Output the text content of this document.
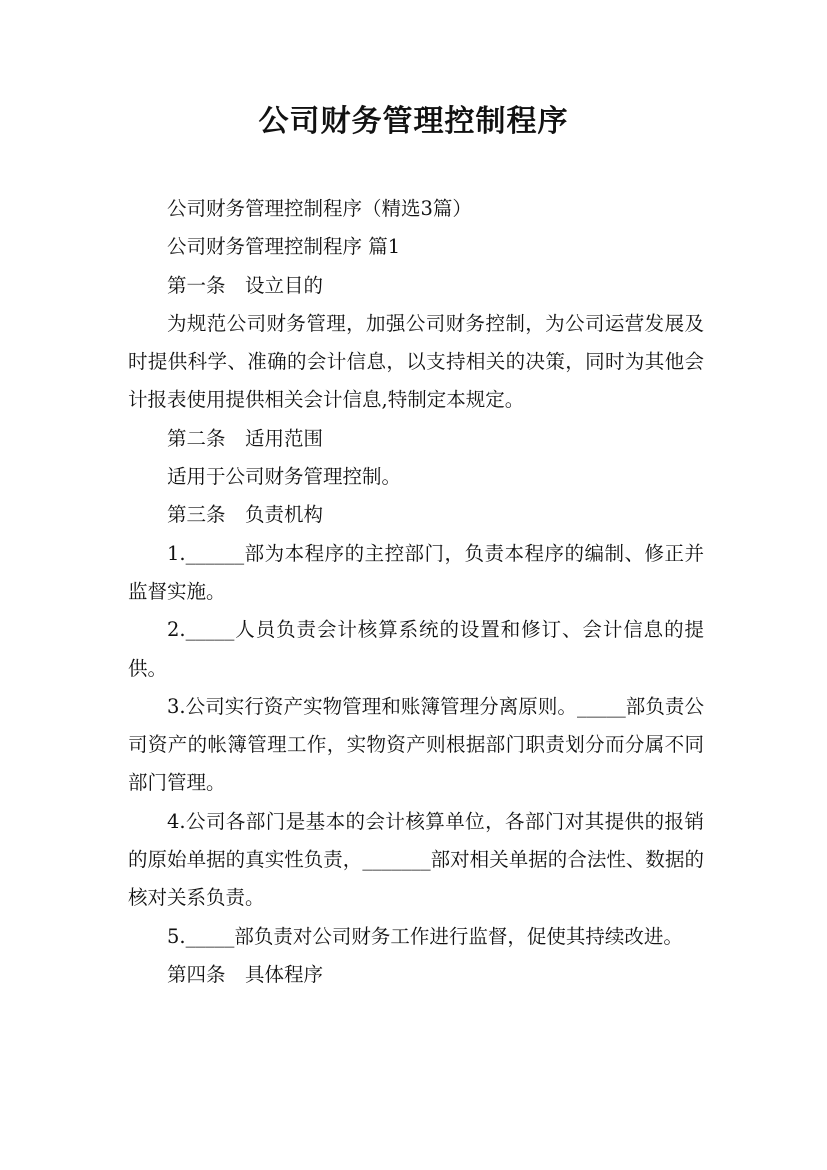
公司财务管理控制程序

公司财务管理控制程序（精选3篇）

公司财务管理控制程序 篇1

第一条　设立目的

为规范公司财务管理，加强公司财务控制，为公司运营发展及时提供科学、准确的会计信息，以支持相关的决策，同时为其他会计报表使用提供相关会计信息,特制定本规定。

第二条　适用范围

适用于公司财务管理控制。

第三条　负责机构

1.______部为本程序的主控部门，负责本程序的编制、修正并监督实施。

2._____人员负责会计核算系统的设置和修订、会计信息的提供。

3.公司实行资产实物管理和账簿管理分离原则。_____部负责公司资产的帐簿管理工作，实物资产则根据部门职责划分而分属不同部门管理。

4.公司各部门是基本的会计核算单位，各部门对其提供的报销的原始单据的真实性负责，_______部对相关单据的合法性、数据的核对关系负责。

5._____部负责对公司财务工作进行监督，促使其持续改进。

第四条　具体程序
